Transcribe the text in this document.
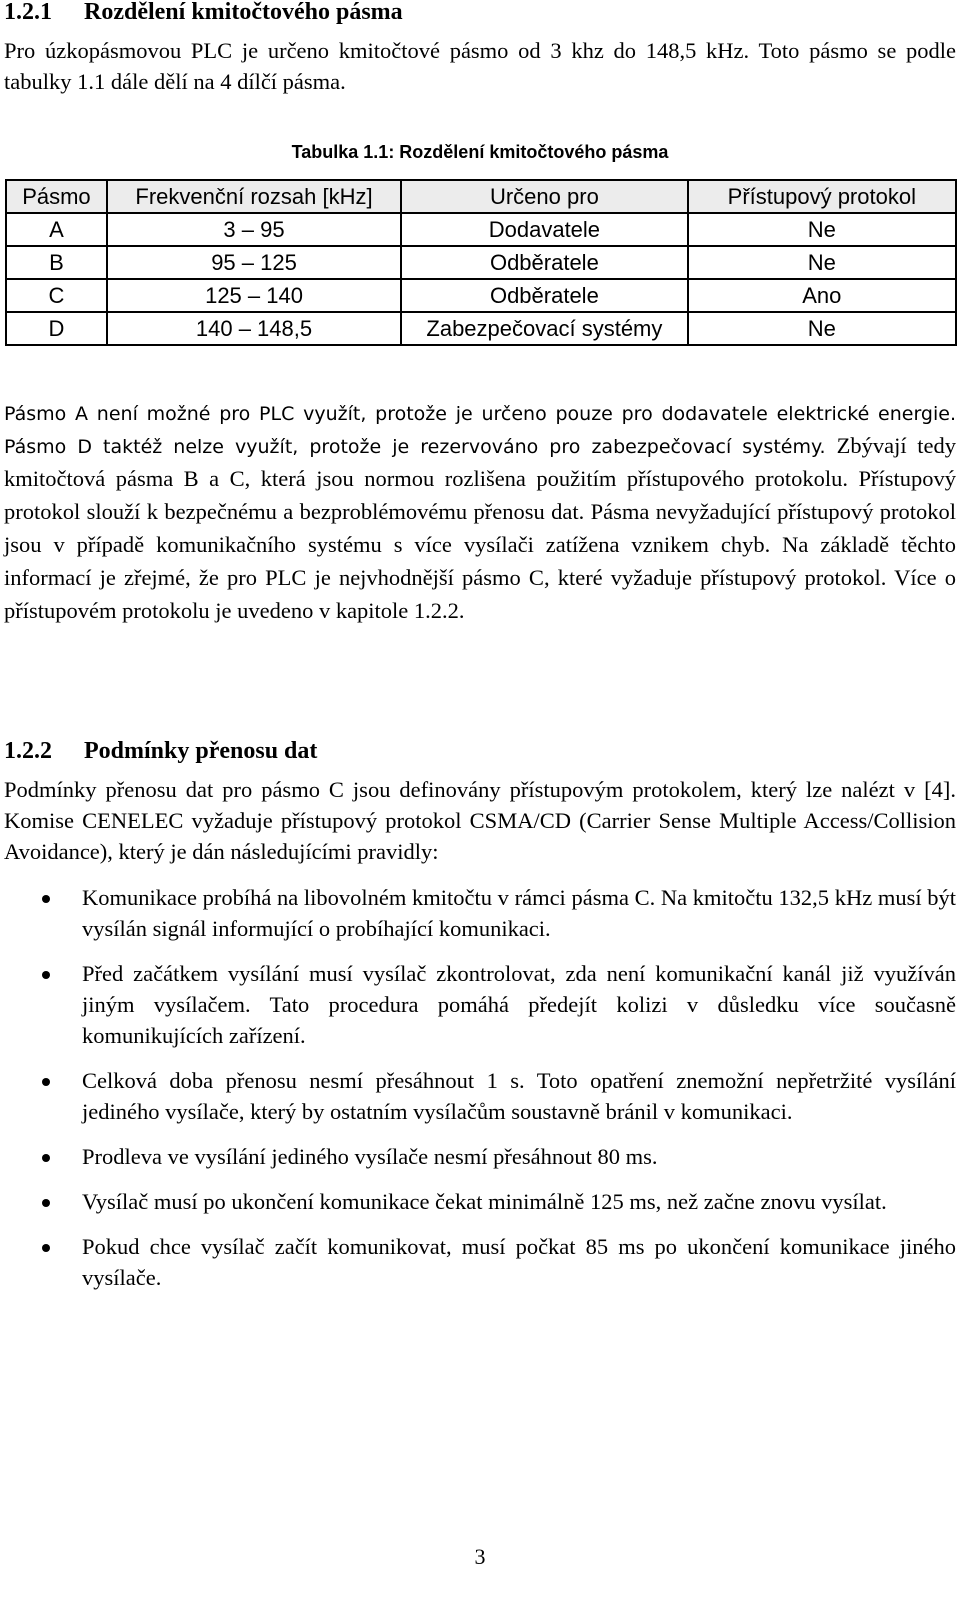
1.2.1 Rozdělení kmitočtového pásma

Pro úzkopásmovou PLC je určeno kmitočtové pásmo od 3 khz do 148,5 kHz. Toto pásmo se podle tabulky 1.1 dále dělí na 4 dílčí pásma.

Tabulka 1.1: Rozdělení kmitočtového pásma
Pásmo	Frekvenční rozsah [kHz]	Určeno pro	Přístupový protokol
A	3 – 95	Dodavatele	Ne
B	95 – 125	Odběratele	Ne
C	125 – 140	Odběratele	Ano
D	140 – 148,5	Zabezpečovací systémy	Ne

Pásmo A není možné pro PLC využít, protože je určeno pouze pro dodavatele elektrické energie. Pásmo D taktéž nelze využít, protože je rezervováno pro zabezpečovací systémy. Zbývají tedy kmitočtová pásma B a C, která jsou normou rozlišena použitím přístupového protokolu. Přístupový protokol slouží k bezpečnému a bezproblémovému přenosu dat. Pásma nevyžadující přístupový protokol jsou v případě komunikačního systému s více vysílači zatížena vznikem chyb. Na základě těchto informací je zřejmé, že pro PLC je nejvhodnější pásmo C, které vyžaduje přístupový protokol. Více o přístupovém protokolu je uvedeno v kapitole 1.2.2.

1.2.2 Podmínky přenosu dat

Podmínky přenosu dat pro pásmo C jsou definovány přístupovým protokolem, který lze nalézt v [4]. Komise CENELEC vyžaduje přístupový protokol CSMA/CD (Carrier Sense Multiple Access/Collision Avoidance), který je dán následujícími pravidly:

Komunikace probíhá na libovolném kmitočtu v rámci pásma C. Na kmitočtu 132,5 kHz musí být vysílán signál informující o probíhající komunikaci.
Před začátkem vysílání musí vysílač zkontrolovat, zda není komunikační kanál již využíván jiným vysílačem. Tato procedura pomáhá předejít kolizi v důsledku více současně komunikujících zařízení.
Celková doba přenosu nesmí přesáhnout 1 s. Toto opatření znemožní nepřetržité vysílání jediného vysílače, který by ostatním vysílačům soustavně bránil v komunikaci.
Prodleva ve vysílání jediného vysílače nesmí přesáhnout 80 ms.
Vysílač musí po ukončení komunikace čekat minimálně 125 ms, než začne znovu vysílat.
Pokud chce vysílač začít komunikovat, musí počkat 85 ms po ukončení komunikace jiného vysílače.
3
